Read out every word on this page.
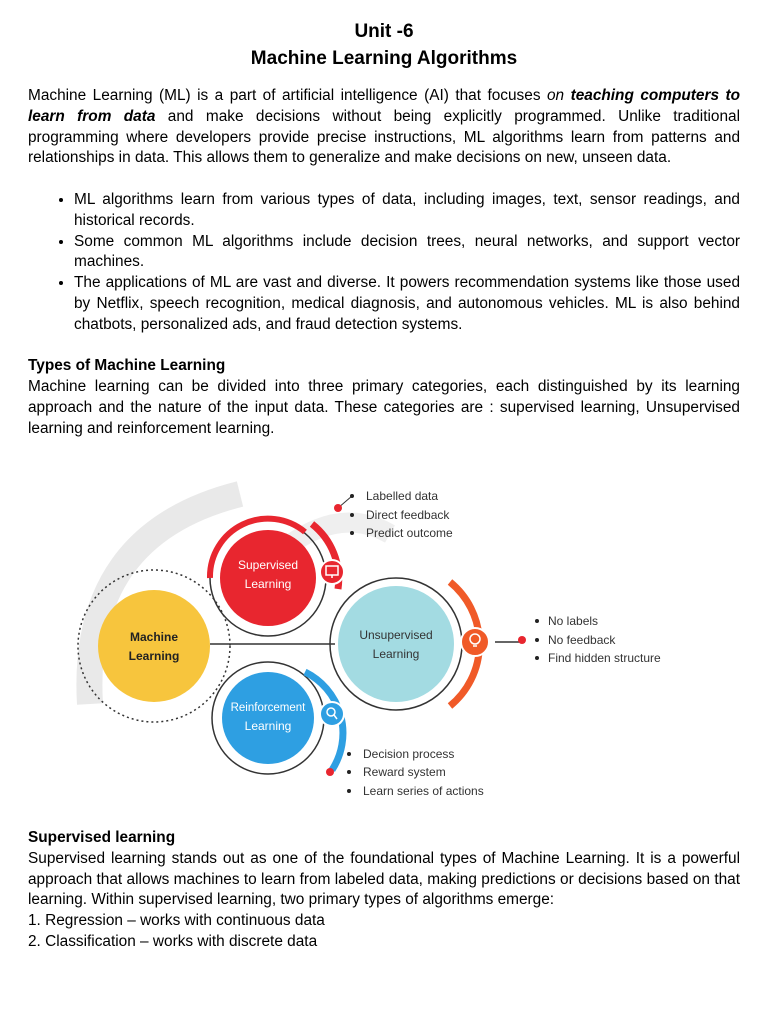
Unit -6
Machine Learning Algorithms

Machine Learning (ML) is a part of artificial intelligence (AI) that focuses on teaching computers to learn from data and make decisions without being explicitly programmed. Unlike traditional programming where developers provide precise instructions, ML algorithms learn from patterns and relationships in data. This allows them to generalize and make decisions on new, unseen data.

• ML algorithms learn from various types of data, including images, text, sensor readings, and historical records.
• Some common ML algorithms include decision trees, neural networks, and support vector machines.
• The applications of ML are vast and diverse. It powers recommendation systems like those used by Netflix, speech recognition, medical diagnosis, and autonomous vehicles. ML is also behind chatbots, personalized ads, and fraud detection systems.
Types of Machine Learning

Machine learning can be divided into three primary categories, each distinguished by its learning approach and the nature of the input data. These categories are : supervised learning, Unsupervised learning and reinforcement learning.

Machine
Learning
Supervised
Learning
Unsupervised
Learning
Reinforcement
Learning
Labelled data
Direct feedback
Predict outcome
No labels
No feedback
Find hidden structure
Decision process
Reward system
Learn series of actions
Supervised learning

Supervised learning stands out as one of the foundational types of Machine Learning. It is a powerful approach that allows machines to learn from labeled data, making predictions or decisions based on that learning. Within supervised learning, two primary types of algorithms emerge:

1. Regression – works with continuous data

2. Classification – works with discrete data
